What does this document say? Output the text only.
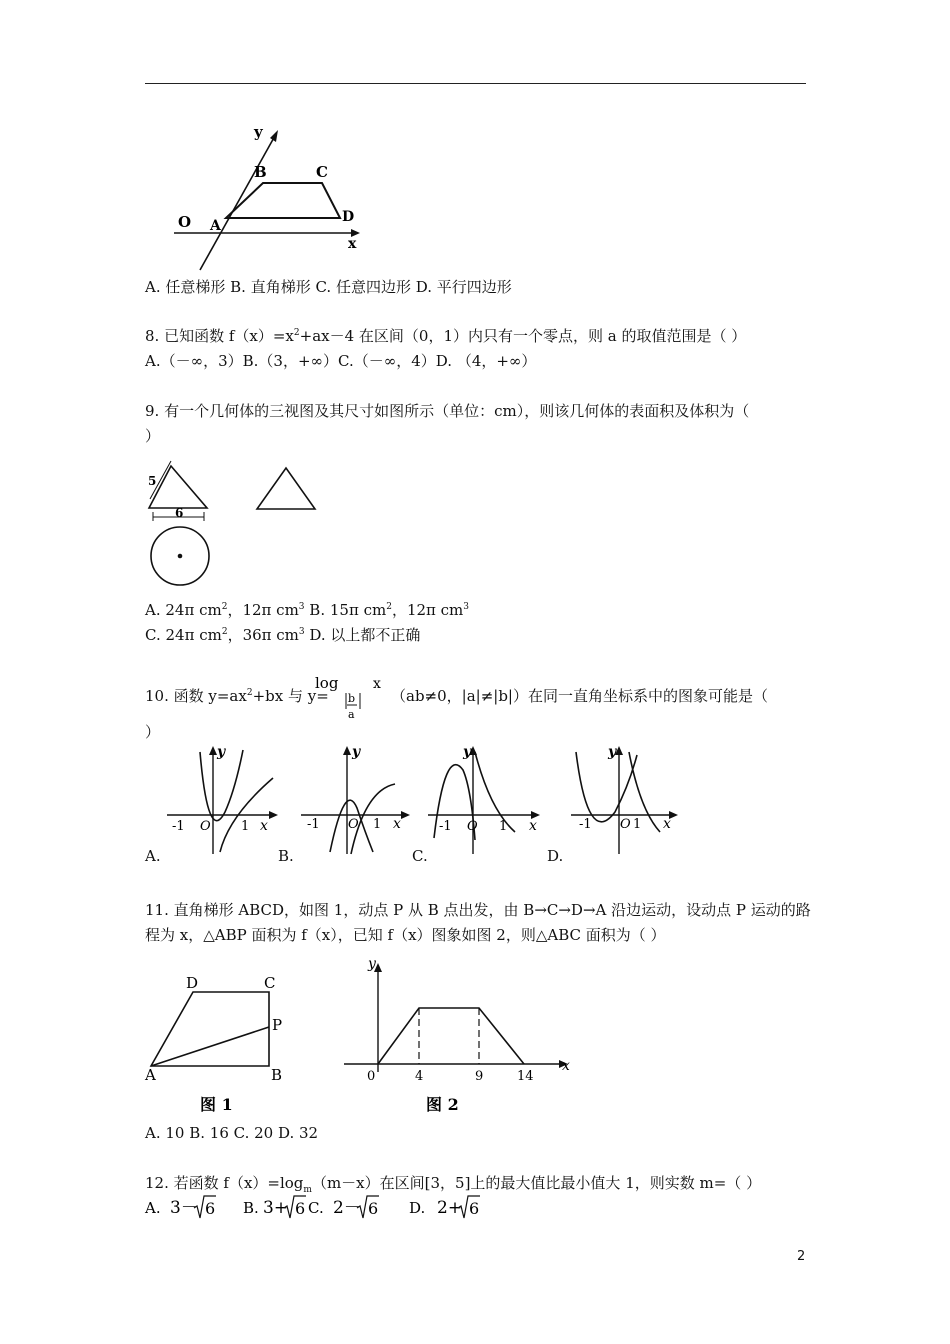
y
x
O A
B	C
D
A. 任意梯形 B. 直角梯形 C. 任意四边形 D. 平行四边形
8. 已知函数 $f(x)=x^2+ax-4$ 在区间（0，1）内只有一个零点，则 a 的取值范围是（ ）
A.（－∞，3）B.（3，+∞）C.（－∞，4）D. （4，+∞）
9. 有一个几何体的三视图及其尺寸如图所示（单位：cm），则该几何体的表面积及体积为（
）
5
6
A. 24π $cm^2$，12π $cm^3$ B. 15π $cm^2$，12π $cm^3$
C. 24π $cm^2$，36π $cm^3$ D. 以上都不正确
10. 函数 $y=ax^2+bx$ 与 y=
log
b
a
x
（ab≠0，|a|≠|b|）在同一直角坐标系中的图象可能是（
）
y
-1 O 1 x
y
-1 O 1 x
y
-1 O 1 x
y
-1 O 1 x
A.	B.	C.	D.
11. 直角梯形 ABCD，如图 1，动点 P 从 B 点出发，由 B→C→D→A 沿边运动，设动点 P 运动的路
程为 x，△ABP 面积为 f（x），已知 f（x）图象如图 2，则△ABC 面积为（ ）
D	C
P
A	B
图 1
y
x
0	4	9	14
图 2
A. 10 B. 16 C. 20 D. 32
12. 若函数 $f(x)=\log_m(m-x)$在区间[3，5]上的最大值比最小值大 1，则实数 m=（ ）
A. 3－ 6 B. 3+ 6 C. 2－ 6 D. 2+ 6
2
